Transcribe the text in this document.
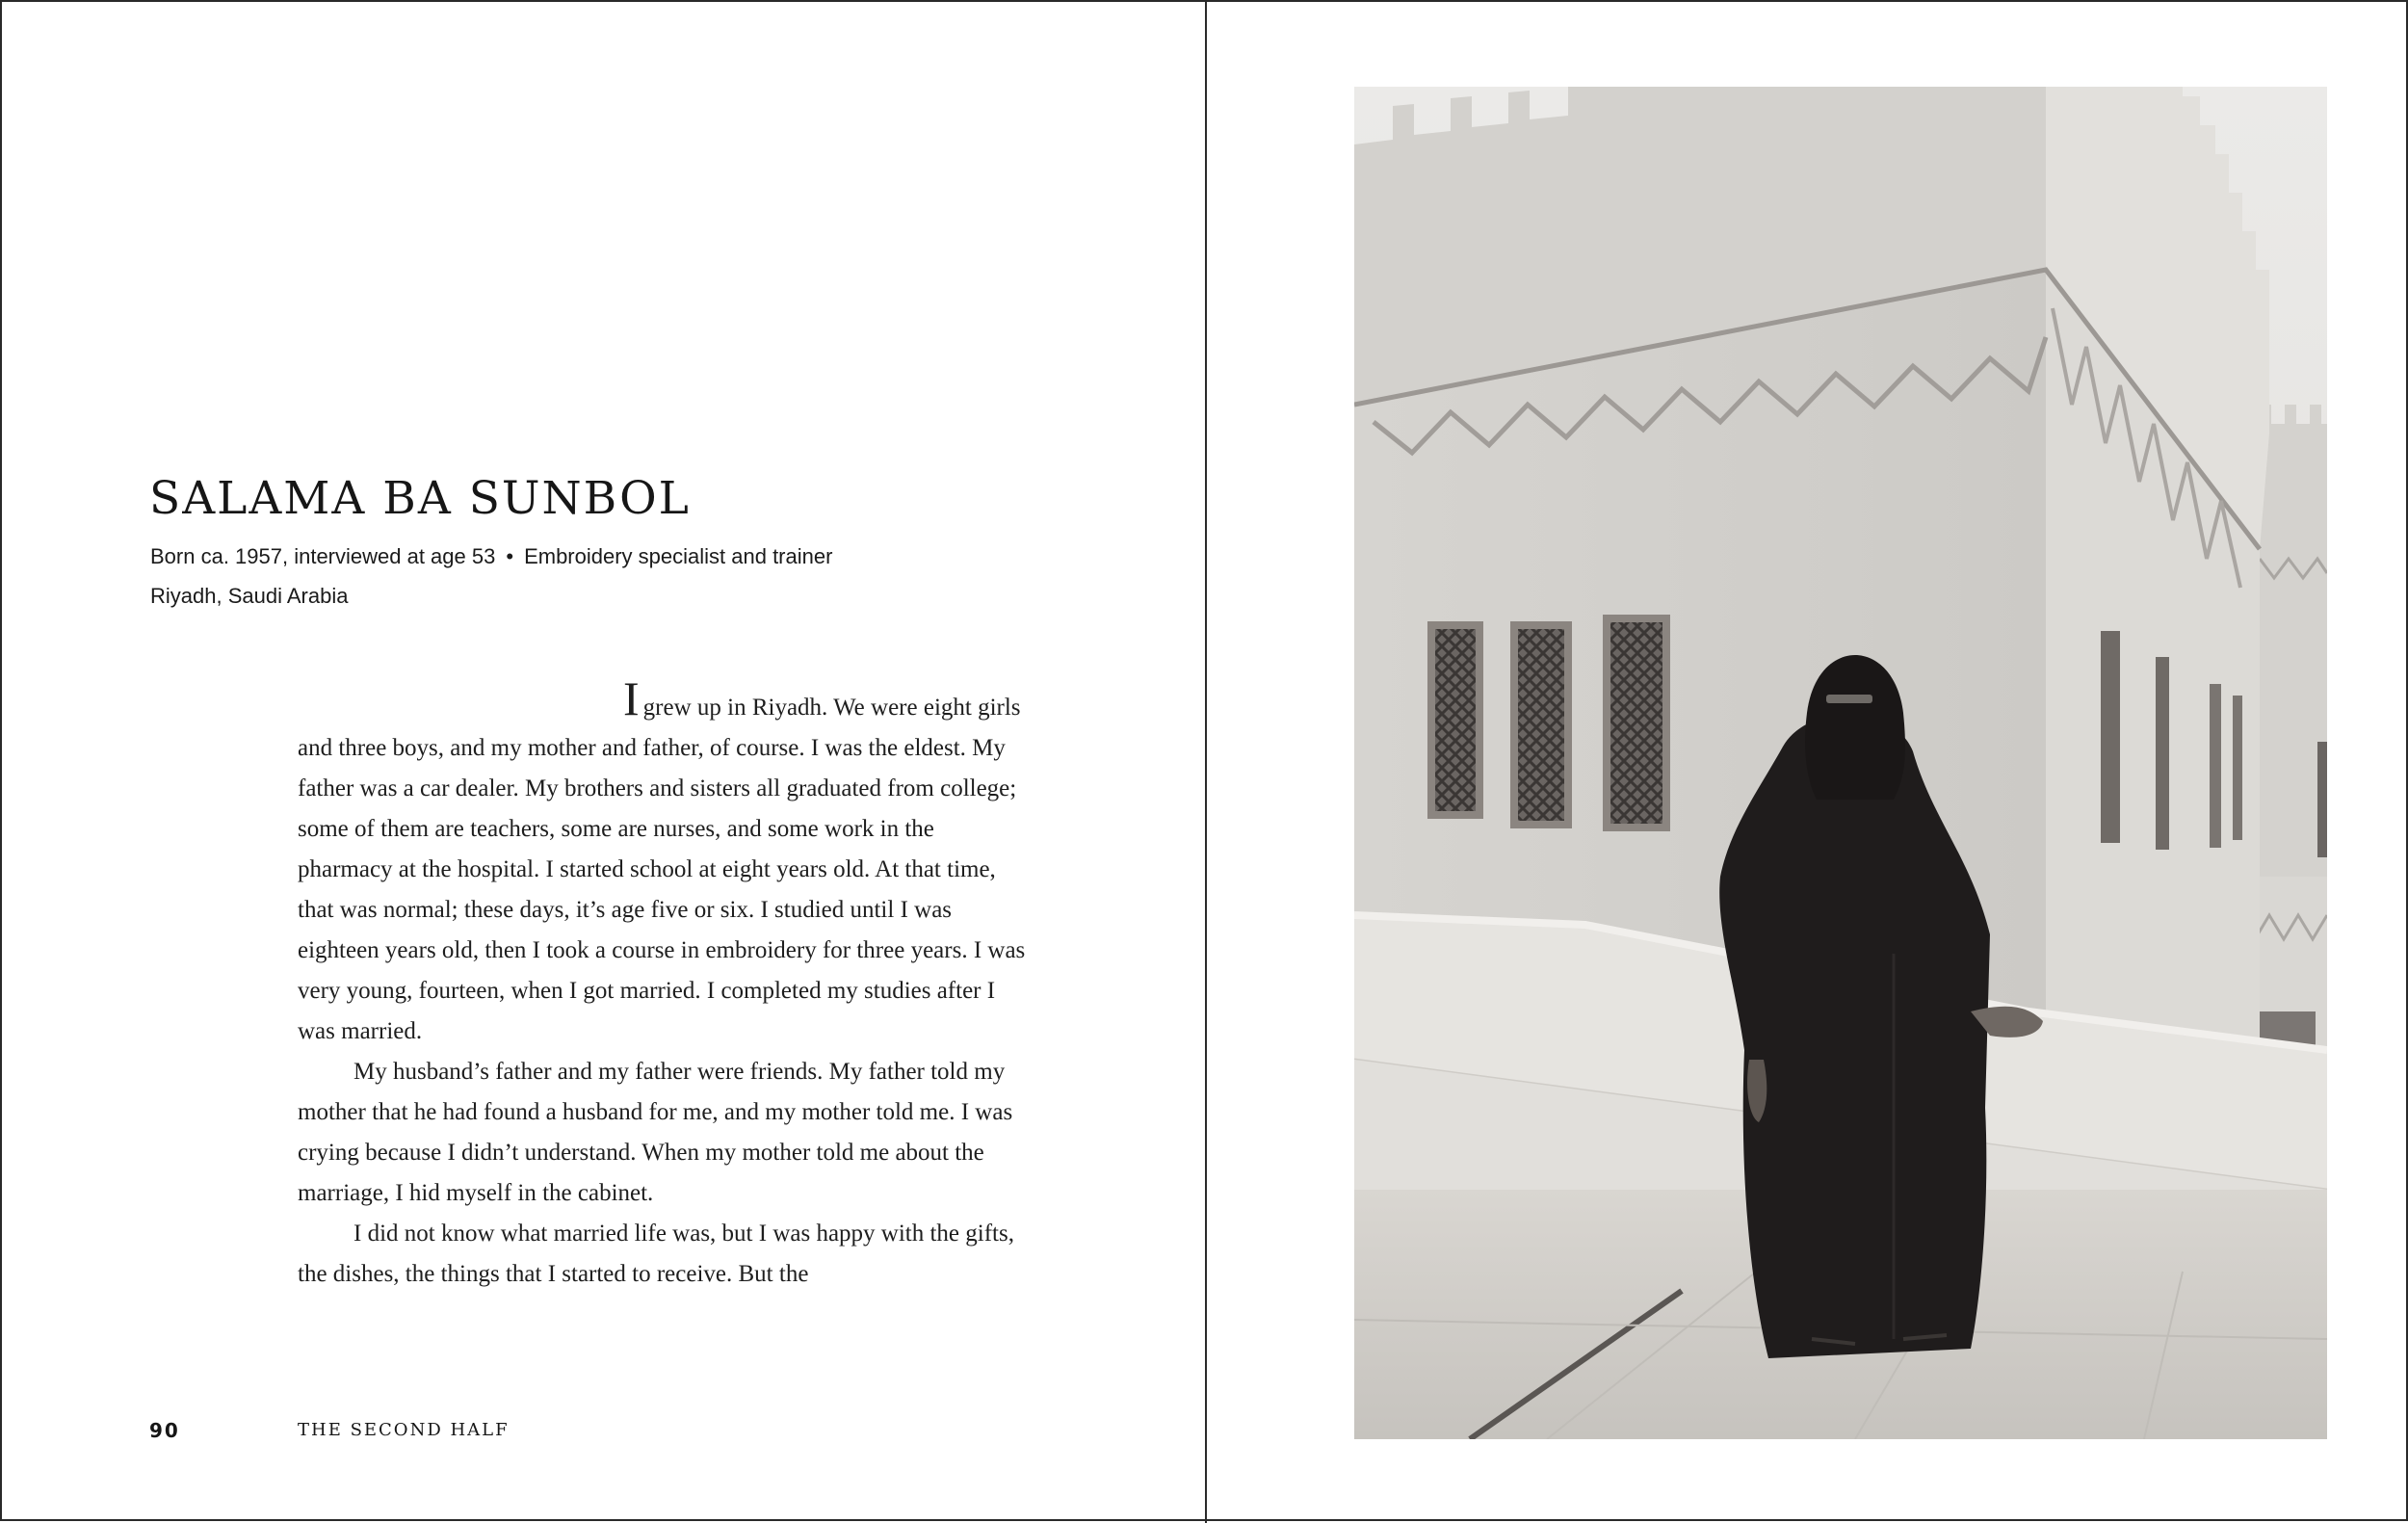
SALAMA BA SUNBOL
Born ca. 1957, interviewed at age 53 • Embroidery specialist and trainer
Riyadh, Saudi Arabia

Igrew up in Riyadh. We were eight girls and three boys, and my mother and father, of course. I was the eldest. My father was a car dealer. My brothers and sisters all graduated from college; some of them are teachers, some are nurses, and some work in the pharmacy at the hospital. I started school at eight years old. At that time, that was normal; these days, it’s age five or six. I studied until I was eighteen years old, then I took a course in embroidery for three years. I was very young, fourteen, when I got married. I completed my studies after I was married.

My husband’s father and my father were friends. My father told my mother that he had found a husband for me, and my mother told me. I was crying because I didn’t understand. When my mother told me about the marriage, I hid myself in the cabinet.

I did not know what married life was, but I was happy with the gifts, the dishes, the things that I started to receive. But the

90	THE SECOND HALF
